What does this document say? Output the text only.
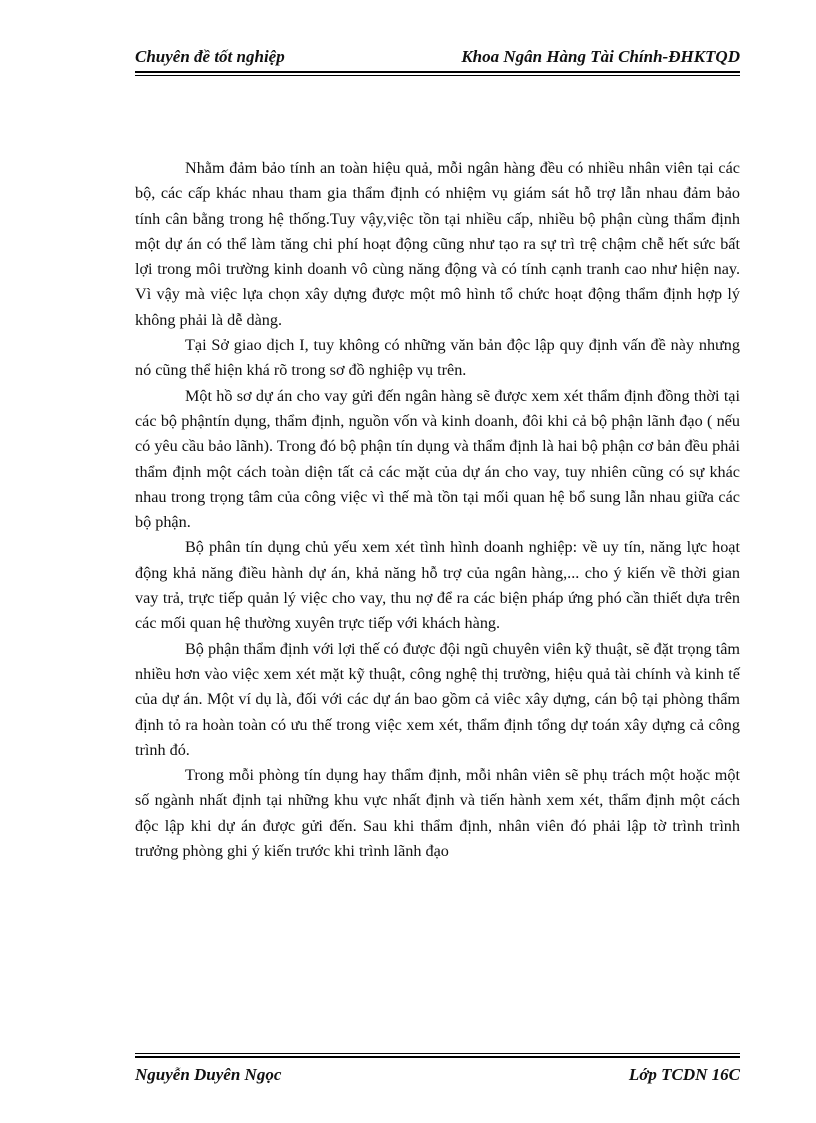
Chuyên đề tốt nghiệp	Khoa Ngân Hàng Tài Chính-ĐHKTQD

Nhằm đảm bảo tính an toàn hiệu quả, mỗi ngân hàng đều có nhiều nhân viên tại các bộ, các cấp khác nhau tham gia thẩm định có nhiệm vụ giám sát hỗ trợ lẫn nhau đảm bảo tính cân bằng trong hệ thống.Tuy vậy,việc tồn tại nhiều cấp, nhiều bộ phận cùng thẩm định một dự án có thể làm tăng chi phí hoạt động cũng như tạo ra sự trì trệ chậm chễ hết sức bất lợi trong môi trường kinh doanh vô cùng năng động và có tính cạnh tranh cao như hiện nay. Vì vậy mà việc lựa chọn xây dựng được một mô hình tổ chức hoạt động thẩm định hợp lý không phải là dễ dàng.

Tại Sở giao dịch I, tuy không có những văn bản độc lập quy định vấn đề này nhưng nó cũng thể hiện khá rõ trong sơ đồ nghiệp vụ trên.

Một hồ sơ dự án cho vay gửi đến ngân hàng sẽ được xem xét thẩm định đồng thời tại các bộ phậntín dụng, thẩm định, nguồn vốn và kinh doanh, đôi khi cả bộ phận lãnh đạo ( nếu có yêu cầu bảo lãnh). Trong đó bộ phận tín dụng và thẩm định là hai bộ phận cơ bản đều phải thẩm định một cách toàn diện tất cả các mặt của dự án cho vay, tuy nhiên cũng có sự khác nhau trong trọng tâm của công việc vì thế mà tồn tại mối quan hệ bổ sung lẫn nhau giữa các bộ phận.

Bộ phân tín dụng chủ yếu xem xét tình hình doanh nghiệp: về uy tín, năng lực hoạt động khả năng điều hành dự án, khả năng hỗ trợ của ngân hàng,... cho ý kiến về thời gian vay trả, trực tiếp quản lý việc cho vay, thu nợ để ra các biện pháp ứng phó cần thiết dựa trên các mối quan hệ thường xuyên trực tiếp với khách hàng.

Bộ phận thẩm định với lợi thế có được đội ngũ chuyên viên kỹ thuật, sẽ đặt trọng tâm nhiều hơn vào việc xem xét mặt kỹ thuật, công nghệ thị trường, hiệu quả tài chính và kinh tế của dự án. Một ví dụ là, đối với các dự án bao gồm cả viêc xây dựng, cán bộ tại phòng thẩm định tỏ ra hoàn toàn có ưu thế trong việc xem xét, thẩm định tổng dự toán xây dựng cả công trình đó.

Trong mỗi phòng tín dụng hay thẩm định, mỗi nhân viên sẽ phụ trách một hoặc một số ngành nhất định tại những khu vực nhất định và tiến hành xem xét, thẩm định một cách độc lập khi dự án được gửi đến. Sau khi thẩm định, nhân viên đó phải lập tờ trình trình trưởng phòng ghi ý kiến trước khi trình lãnh đạo

Nguyễn Duyên Ngọc	Lớp TCDN 16C
